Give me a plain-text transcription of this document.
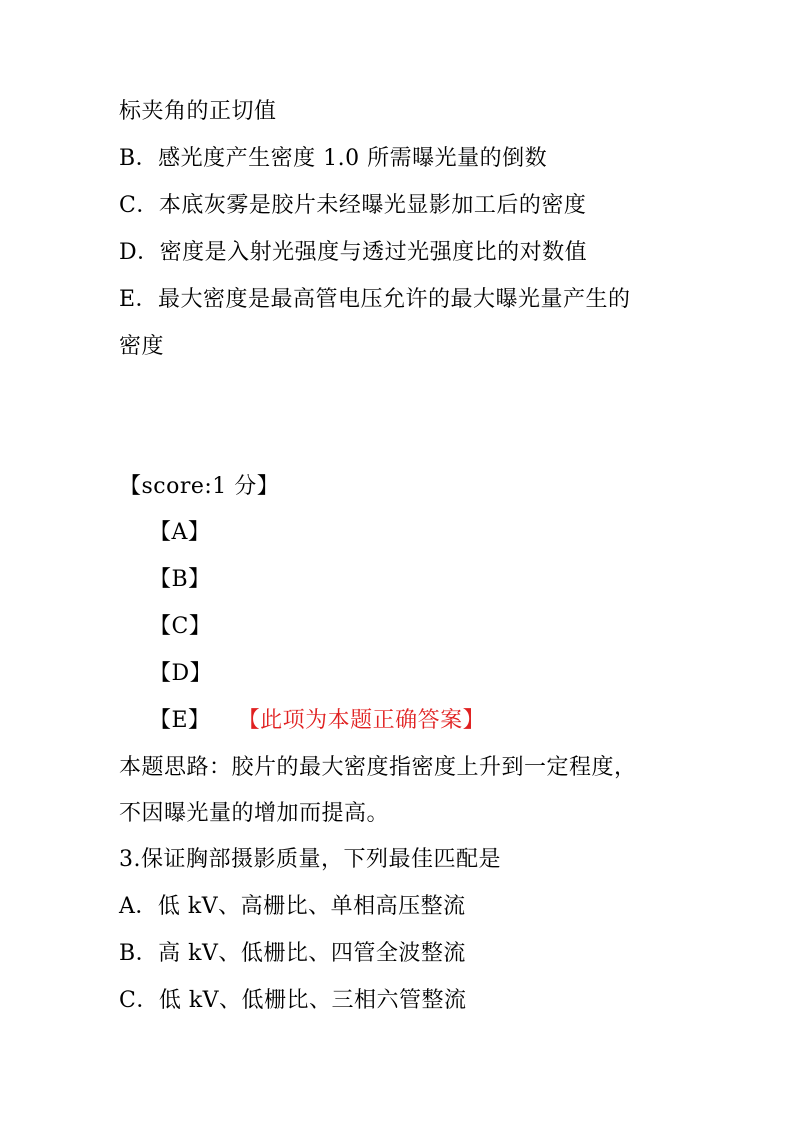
标夹角的正切值
B．感光度产生密度 1.0 所需曝光量的倒数
C．本底灰雾是胶片未经曝光显影加工后的密度
D．密度是入射光强度与透过光强度比的对数值
E．最大密度是最高管电压允许的最大曝光量产生的
密度
【score:1 分】
【A】
【B】
【C】
【D】
【E】 【此项为本题正确答案】
本题思路：胶片的最大密度指密度上升到一定程度，
不因曝光量的增加而提高。
3.保证胸部摄影质量，下列最佳匹配是
A．低 kV、高栅比、单相高压整流
B．高 kV、低栅比、四管全波整流
C．低 kV、低栅比、三相六管整流
